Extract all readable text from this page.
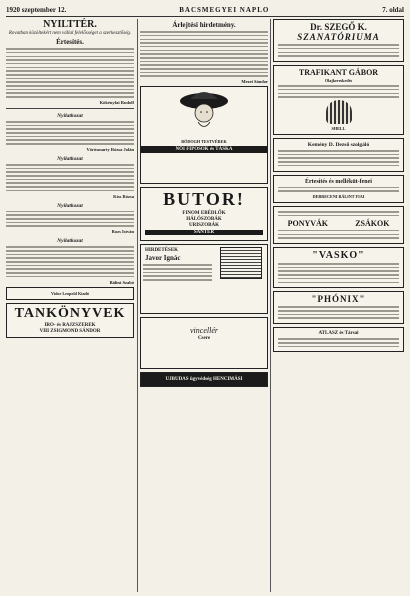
1920 szeptember 12.	BACSMEGYEI NAPLO	7. oldal

NYILTTÉR.

Rovatban közöltekért nem vállal felelősséget a szerkesztőség.

Értesítés.

Kökényfai Rudolf

Nyilatkozat

Vörösmarty Rózsa Jolán

Nyilatkozat

Kiss Rózsa

Nyilatkozat

Rozs István

Nyilatkozat

Bálint Szabó
Vidor Leopold Kiadó
TANKÖNYVEK
IRO- és RAJZSZEREK
VIII ZSIGMOND SÁNDOR

Árlejtési hirdetmény.

Mezei Sándor
BÓDOGH TESTVÉREK
NŐI FIPOSOK és TÁSKA
BUTOR!
FINOM EBÉDLŐK
HÁLÓSZOBÁK
URISZOBÁK
SANTER
HIRDETÉSEK
Javor Ignác
vincellér
Csere
UJBUDAS ügyvédség HENCIMÁSI
Dr. SZEGŐ K.
SZANATÓRIUMA
TRAFIKANT GÁBOR
Olajkereskedés
SHELL
Kemény D. Dezső szolgáló
Értesítés és melléküt-fenei
DEBRECENI BÁLINT FIAI
PONYVÁK	ZSÁKOK
"VASKO"
"PHÓNIX"
ATLASZ és Társai
